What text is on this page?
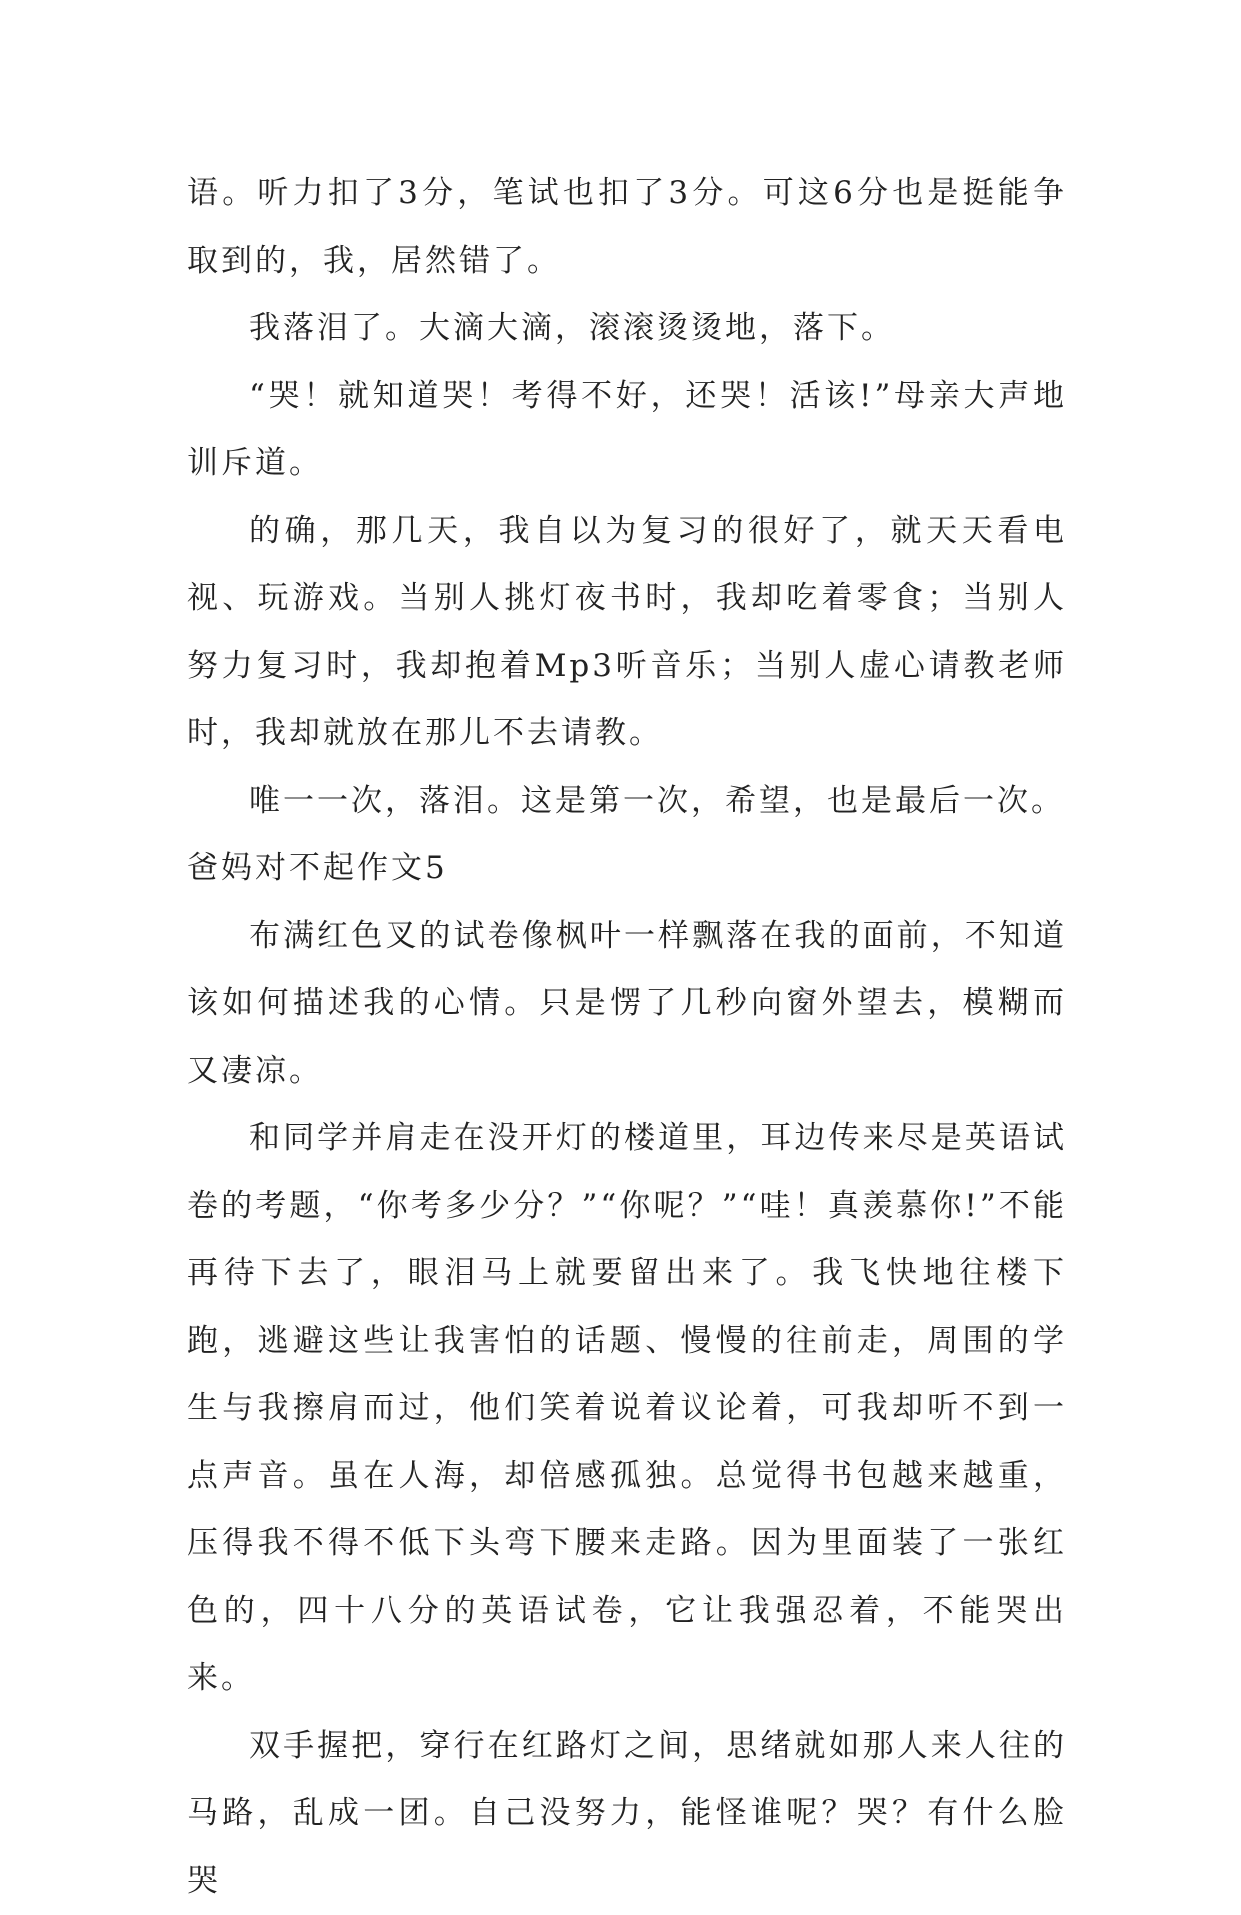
语。听力扣了3分，笔试也扣了3分。可这6分也是挺能争取到的，我，居然错了。

我落泪了。大滴大滴，滚滚烫烫地，落下。

“哭！就知道哭！考得不好，还哭！活该!”母亲大声地训斥道。

的确，那几天，我自以为复习的很好了，就天天看电视、玩游戏。当别人挑灯夜书时，我却吃着零食；当别人努力复习时，我却抱着Mp3听音乐；当别人虚心请教老师时，我却就放在那儿不去请教。

唯一一次，落泪。这是第一次，希望，也是最后一次。

爸妈对不起作文5

布满红色叉的试卷像枫叶一样飘落在我的面前，不知道该如何描述我的心情。只是愣了几秒向窗外望去，模糊而又凄凉。

和同学并肩走在没开灯的楼道里，耳边传来尽是英语试卷的考题，“你考多少分？”“你呢？”“哇！真羡慕你!”不能再待下去了，眼泪马上就要留出来了。我飞快地往楼下跑，逃避这些让我害怕的话题、慢慢的往前走，周围的学生与我擦肩而过，他们笑着说着议论着，可我却听不到一点声音。虽在人海，却倍感孤独。总觉得书包越来越重，压得我不得不低下头弯下腰来走路。因为里面装了一张红色的，四十八分的英语试卷，它让我强忍着，不能哭出来。

双手握把，穿行在红路灯之间，思绪就如那人来人往的马路，乱成一团。自己没努力，能怪谁呢？哭？有什么脸哭
